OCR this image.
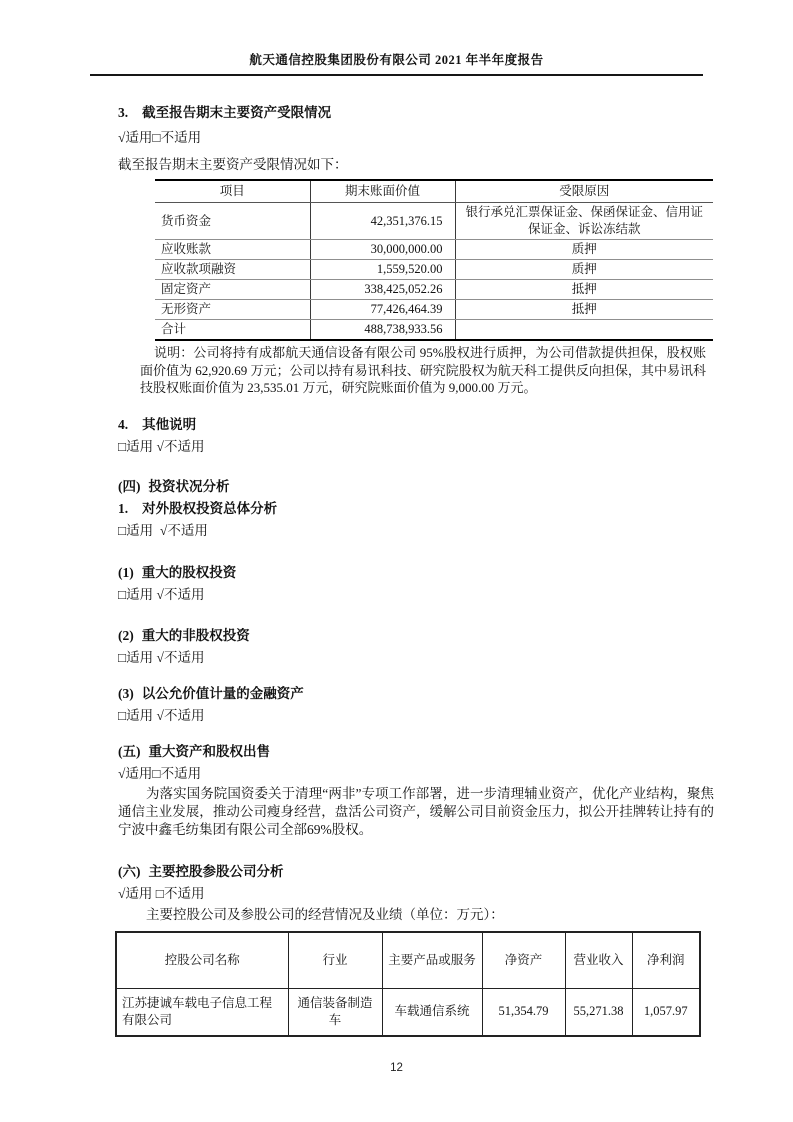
航天通信控股集团股份有限公司 2021 年半年度报告
3. 截至报告期末主要资产受限情况
√适用□不适用
截至报告期末主要资产受限情况如下：
项目	期末账面价值	受限原因
货币资金	42,351,376.15	银行承兑汇票保证金、保函保证金、信用证保证金、诉讼冻结款
应收账款	30,000,000.00	质押
应收款项融资	1,559,520.00	质押
固定资产	338,425,052.26	抵押
无形资产	77,426,464.39	抵押
合计	488,738,933.56	
说明：公司将持有成都航天通信设备有限公司 95%股权进行质押，为公司借款提供担保，股权账面价值为 62,920.69 万元；公司以持有易讯科技、研究院股权为航天科工提供反向担保，其中易讯科技股权账面价值为 23,535.01 万元，研究院账面价值为 9,000.00 万元。
4. 其他说明
□适用 √不适用
(四) 投资状况分析
1. 对外股权投资总体分析
□适用  √不适用
(1) 重大的股权投资
□适用 √不适用
(2) 重大的非股权投资
□适用 √不适用
(3) 以公允价值计量的金融资产
□适用 √不适用
(五) 重大资产和股权出售
√适用□不适用
为落实国务院国资委关于清理“两非”专项工作部署，进一步清理辅业资产，优化产业结构，聚焦通信主业发展，推动公司瘦身经营，盘活公司资产，缓解公司目前资金压力，拟公开挂牌转让持有的宁波中鑫毛纺集团有限公司全部69%股权。
(六) 主要控股参股公司分析
√适用 □不适用
主要控股公司及参股公司的经营情况及业绩（单位：万元）：
控股公司名称	行业	主要产品或服务	净资产	营业收入	净利润
江苏捷诚车载电子信息工程有限公司	通信装备制造车	车载通信系统	51,354.79	55,271.38	1,057.97
12
